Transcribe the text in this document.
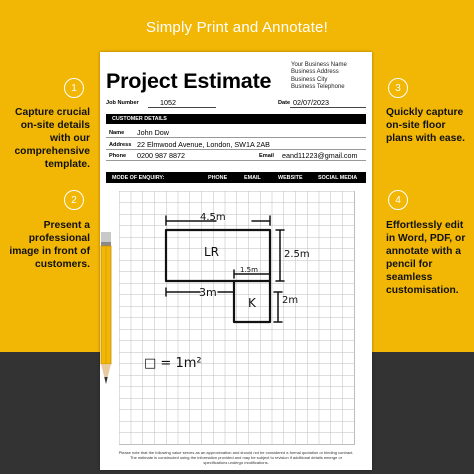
Simply Print and Annotate!
1
Capture crucial on-site details with our comprehensive template.
2
Present a professional image in front of customers.
3
Quickly capture on-site floor plans with ease.
4
Effortlessly edit in Word, PDF, or annotate with a pencil for seamless customisation.
Project Estimate
Your Business Name
Business Address
Business City
Business Telephone
Job Number	1052	Date 02/07/2023
CUSTOMER DETAILS
Name John Dow
Address 22 Elmwood Avenue, London, SW1A 2AB
Phone 0200 987 8872	Email eand11223@gmail.com
MODE OF ENQUIRY:	PHONE	EMAIL	WEBSITE	SOCIAL MEDIA
4.5m
LR	2.5m
1.5m
3m
K	2m
□ = 1m²
Please note that the following value serves as an approximation and should not be considered a formal quotation or binding contract. The estimate is constructed using the information provided and may be subject to revision if additional details emerge or specifications undergo modifications.
